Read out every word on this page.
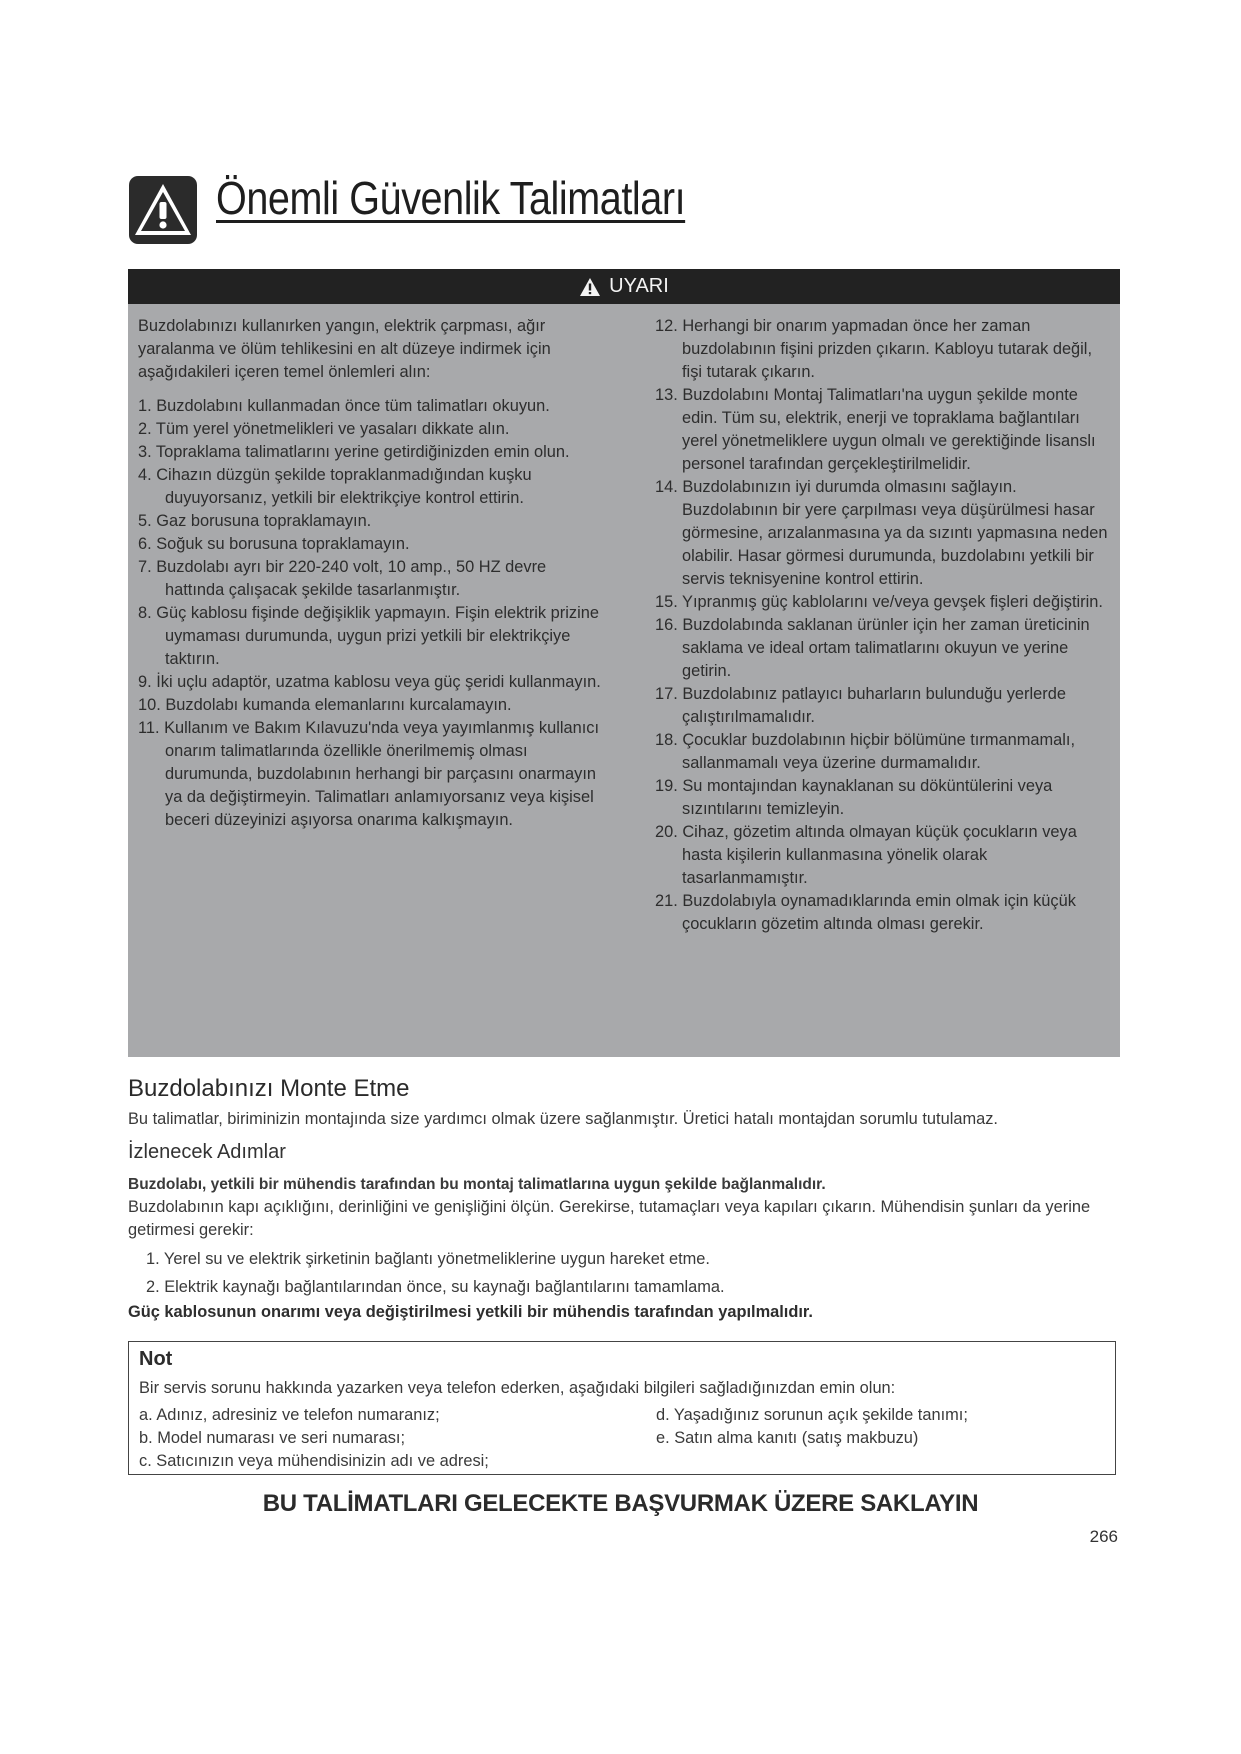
Önemli Güvenlik Talimatları
UYARI

Buzdolabınızı kullanırken yangın, elektrik çarpması, ağır yaralanma ve ölüm tehlikesini en alt düzeye indirmek için aşağıdakileri içeren temel önlemleri alın:

1. Buzdolabını kullanmadan önce tüm talimatları okuyun.

2. Tüm yerel yönetmelikleri ve yasaları dikkate alın.

3. Topraklama talimatlarını yerine getirdiğinizden emin olun.

4. Cihazın düzgün şekilde topraklanmadığından kuşku duyuyorsanız, yetkili bir elektrikçiye kontrol ettirin.

5. Gaz borusuna topraklamayın.

6. Soğuk su borusuna topraklamayın.

7. Buzdolabı ayrı bir 220-240 volt, 10 amp., 50 HZ devre hattında çalışacak şekilde tasarlanmıştır.

8. Güç kablosu fişinde değişiklik yapmayın. Fişin elektrik prizine uymaması durumunda, uygun prizi yetkili bir elektrikçiye taktırın.

9. İki uçlu adaptör, uzatma kablosu veya güç şeridi kullanmayın.

10. Buzdolabı kumanda elemanlarını kurcalamayın.

11. Kullanım ve Bakım Kılavuzu'nda veya yayımlanmış kullanıcı onarım talimatlarında özellikle önerilmemiş olması durumunda, buzdolabının herhangi bir parçasını onarmayın ya da değiştirmeyin. Talimatları anlamıyorsanız veya kişisel beceri düzeyinizi aşıyorsa onarıma kalkışmayın.

12. Herhangi bir onarım yapmadan önce her zaman buzdolabının fişini prizden çıkarın. Kabloyu tutarak değil, fişi tutarak çıkarın.

13. Buzdolabını Montaj Talimatları'na uygun şekilde monte edin. Tüm su, elektrik, enerji ve topraklama bağlantıları yerel yönetmeliklere uygun olmalı ve gerektiğinde lisanslı personel tarafından gerçekleştirilmelidir.

14. Buzdolabınızın iyi durumda olmasını sağlayın. Buzdolabının bir yere çarpılması veya düşürülmesi hasar görmesine, arızalanmasına ya da sızıntı yapmasına neden olabilir. Hasar görmesi durumunda, buzdolabını yetkili bir servis teknisyenine kontrol ettirin.

15. Yıpranmış güç kablolarını ve/veya gevşek fişleri değiştirin.

16. Buzdolabında saklanan ürünler için her zaman üreticinin saklama ve ideal ortam talimatlarını okuyun ve yerine getirin.

17. Buzdolabınız patlayıcı buharların bulunduğu yerlerde çalıştırılmamalıdır.

18. Çocuklar buzdolabının hiçbir bölümüne tırmanmamalı, sallanmamalı veya üzerine durmamalıdır.

19. Su montajından kaynaklanan su döküntülerini veya sızıntılarını temizleyin.

20. Cihaz, gözetim altında olmayan küçük çocukların veya hasta kişilerin kullanmasına yönelik olarak tasarlanmamıştır.

21. Buzdolabıyla oynamadıklarında emin olmak için küçük çocukların gözetim altında olması gerekir.

Buzdolabınızı Monte Etme
Bu talimatlar, biriminizin montajında size yardımcı olmak üzere sağlanmıştır. Üretici hatalı montajdan sorumlu tutulamaz.
İzlenecek Adımlar
Buzdolabı, yetkili bir mühendis tarafından bu montaj talimatlarına uygun şekilde bağlanmalıdır.
Buzdolabının kapı açıklığını, derinliğini ve genişliğini ölçün. Gerekirse, tutamaçları veya kapıları çıkarın. Mühendisin şunları da yerine getirmesi gerekir:
1. Yerel su ve elektrik şirketinin bağlantı yönetmeliklerine uygun hareket etme.
2. Elektrik kaynağı bağlantılarından önce, su kaynağı bağlantılarını tamamlama.
Güç kablosunun onarımı veya değiştirilmesi yetkili bir mühendis tarafından yapılmalıdır.
Not
Bir servis sorunu hakkında yazarken veya telefon ederken, aşağıdaki bilgileri sağladığınızdan emin olun:
a. Adınız, adresiniz ve telefon numaranız;
b. Model numarası ve seri numarası;
c. Satıcınızın veya mühendisinizin adı ve adresi;
d. Yaşadığınız sorunun açık şekilde tanımı;
e. Satın alma kanıtı (satış makbuzu)
BU TALİMATLARI GELECEKTE BAŞVURMAK ÜZERE SAKLAYIN
266
